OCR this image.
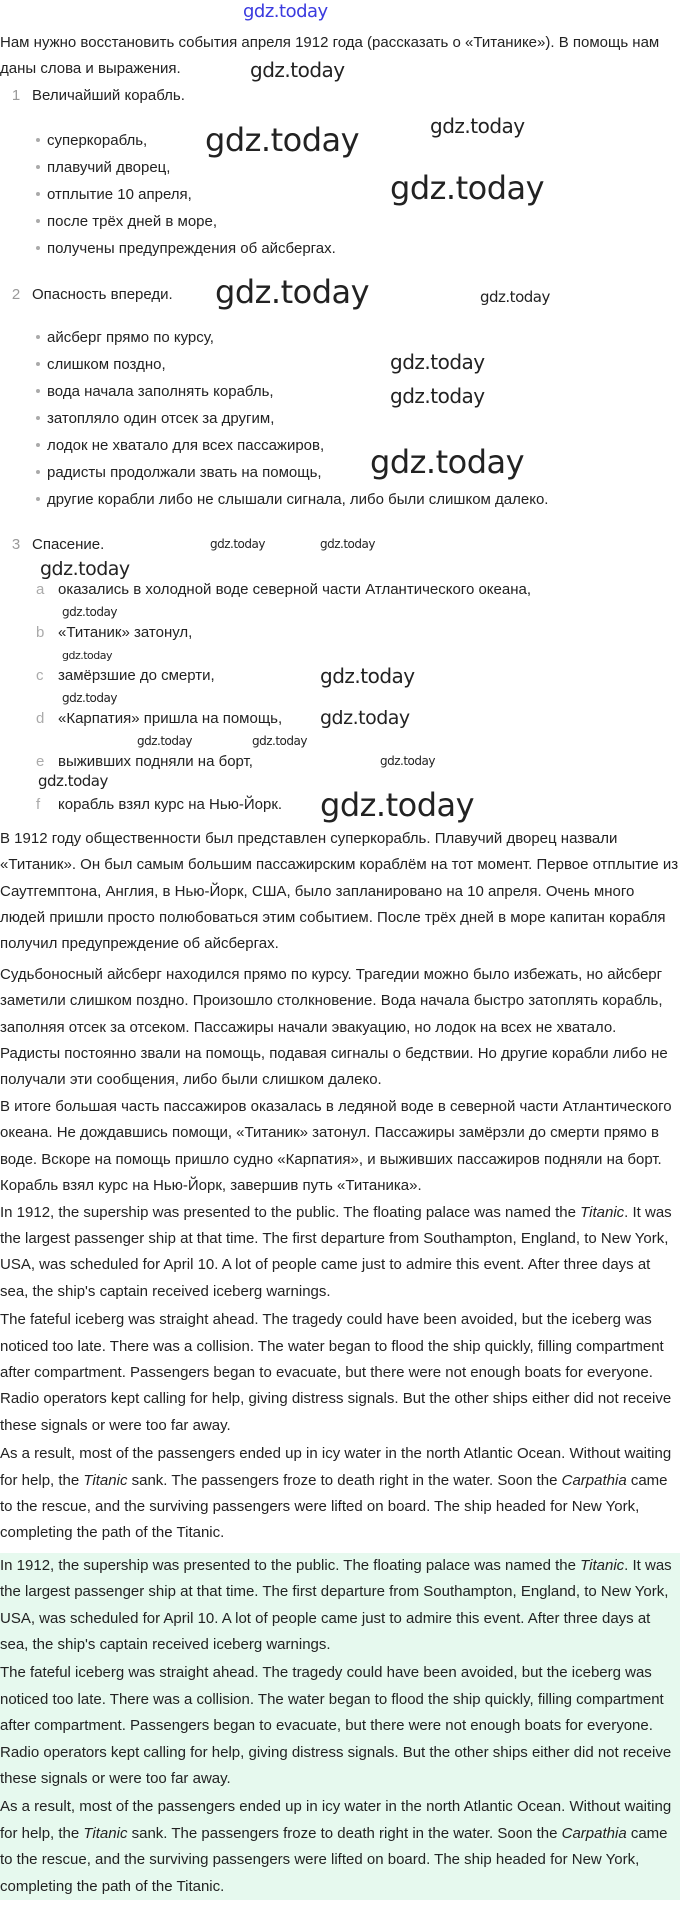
Нам нужно восстановить события апреля 1912 года (рассказать о «Титанике»). В помощь нам даны слова и выражения.

1 Величайший корабль.
суперкорабль,
плавучий дворец,
отплытие 10 апреля,
после трёх дней в море,
получены предупреждения об айсбергах.
2 Опасность впереди.
айсберг прямо по курсу,
слишком поздно,
вода начала заполнять корабль,
затопляло один отсек за другим,
лодок не хватало для всех пассажиров,
радисты продолжали звать на помощь,
другие корабли либо не слышали сигнала, либо были слишком далеко.
3 Спасение.
a оказались в холодной воде северной части Атлантического океана,
b «Титаник» затонул,
c замёрзшие до смерти,
d «Карпатия» пришла на помощь,
e выживших подняли на борт,
f	корабль взял курс на Нью-Йорк.

В 1912 году общественности был представлен суперкорабль. Плавучий дворец назвали «Титаник». Он был самым большим пассажирским кораблём на тот момент. Первое отплытие из Саутгемптона, Англия, в Нью-Йорк, США, было запланировано на 10 апреля. Очень много людей пришли просто полюбоваться этим событием. После трёх дней в море капитан корабля получил предупреждение об айсбергах.

Судьбоносный айсберг находился прямо по курсу. Трагедии можно было избежать, но айсберг заметили слишком поздно. Произошло столкновение. Вода начала быстро затоплять корабль, заполняя отсек за отсеком. Пассажиры начали эвакуацию, но лодок на всех не хватало. Радисты постоянно звали на помощь, подавая сигналы о бедствии. Но другие корабли либо не получали эти сообщения, либо были слишком далеко.

В итоге большая часть пассажиров оказалась в ледяной воде в северной части Атлантического океана. Не дождавшись помощи, «Титаник» затонул. Пассажиры замёрзли до смерти прямо в воде. Вскоре на помощь пришло судно «Карпатия», и выживших пассажиров подняли на борт. Корабль взял курс на Нью-Йорк, завершив путь «Титаника».

In 1912, the supership was presented to the public. The floating palace was named the Titanic. It was the largest passenger ship at that time. The first departure from Southampton, England, to New York, USA, was scheduled for April 10. A lot of people came just to admire this event. After three days at sea, the ship's captain received iceberg warnings.

The fateful iceberg was straight ahead. The tragedy could have been avoided, but the iceberg was noticed too late. There was a collision. The water began to flood the ship quickly, filling compartment after compartment. Passengers began to evacuate, but there were not enough boats for everyone. Radio operators kept calling for help, giving distress signals. But the other ships either did not receive these signals or were too far away.

As a result, most of the passengers ended up in icy water in the north Atlantic Ocean. Without waiting for help, the Titanic sank. The passengers froze to death right in the water. Soon the Carpathia came to the rescue, and the surviving passengers were lifted on board. The ship headed for New York, completing the path of the Titanic.

In 1912, the supership was presented to the public. The floating palace was named the Titanic. It was the largest passenger ship at that time. The first departure from Southampton, England, to New York, USA, was scheduled for April 10. A lot of people came just to admire this event. After three days at sea, the ship's captain received iceberg warnings.

The fateful iceberg was straight ahead. The tragedy could have been avoided, but the iceberg was noticed too late. There was a collision. The water began to flood the ship quickly, filling compartment after compartment. Passengers began to evacuate, but there were not enough boats for everyone. Radio operators kept calling for help, giving distress signals. But the other ships either did not receive these signals or were too far away.

As a result, most of the passengers ended up in icy water in the north Atlantic Ocean. Without waiting for help, the Titanic sank. The passengers froze to death right in the water. Soon the Carpathia came to the rescue, and the surviving passengers were lifted on board. The ship headed for New York, completing the path of the Titanic.

gdz.today
gdz.today
gdz.today	gdz.today
gdz.today
gdz.today	gdz.today
gdz.today
gdz.today
gdz.today
gdz.today	gdz.today
gdz.today
gdz.today
gdz.today
gdz.today
gdz.today
gdz.today
gdz.today	gdz.today
gdz.today
gdz.today
gdz.today
